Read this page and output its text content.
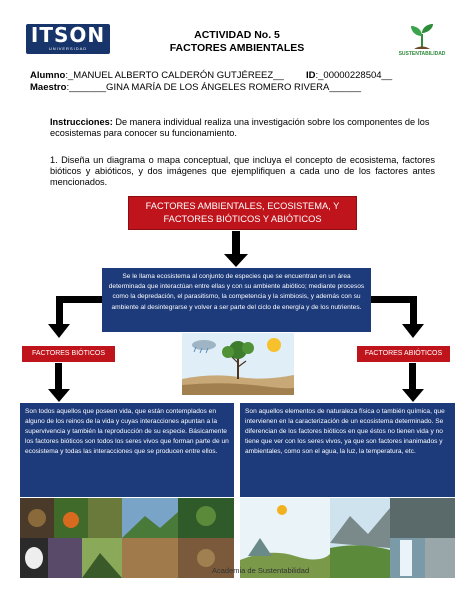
ITSON
UNIVERSIDAD
SUSTENTABILIDAD
ACTIVIDAD No. 5
FACTORES AMBIENTALES
Alumno:_MANUEL ALBERTO CALDERÓN GUTJÉREEZ__ ID:_00000228504__
Maestro:_______GINA MARÍA DE LOS ÁNGELES ROMERO RIVERA______
Instrucciones: De manera individual realiza una investigación sobre los componentes de los ecosistemas para conocer su funcionamiento.
1. Diseña un diagrama o mapa conceptual, que incluya el concepto de ecosistema, factores bióticos y abióticos, y dos imágenes que ejemplifiquen a cada uno de los factores antes mencionados.
FACTORES AMBIENTALES, ECOSISTEMA, Y FACTORES BIÓTICOS Y ABIÓTICOS
Se le llama ecosistema al conjunto de especies que se encuentran en un área determinada que interactúan entre ellas y con su ambiente abiótico; mediante procesos como la depredación, el parasitismo, la competencia y la simbiosis, y además con su ambiente al desintegrarse y volver a ser parte del ciclo de energía y de los nutrientes.
FACTORES BIÓTICOS	FACTORES ABIÓTICOS
Son todos aquellos que poseen vida, que están contemplados en alguno de los reinos de la vida y cuyas interacciones apuntan a la supervivencia y también la reproducción de su especie. Básicamente los factores bióticos son todos los seres vivos que forman parte de un ecosistema y todas las interacciones que se producen entre ellos.
Son aquellos elementos de naturaleza física o también química, que intervienen en la caracterización de un ecosistema determinado. Se diferencian de los factores bióticos en que éstos no tienen vida y no tiene que ver con los seres vivos, ya que son factores inanimados y ambientales, como son el agua, la luz, la temperatura, etc.
Academia de Sustentabilidad
